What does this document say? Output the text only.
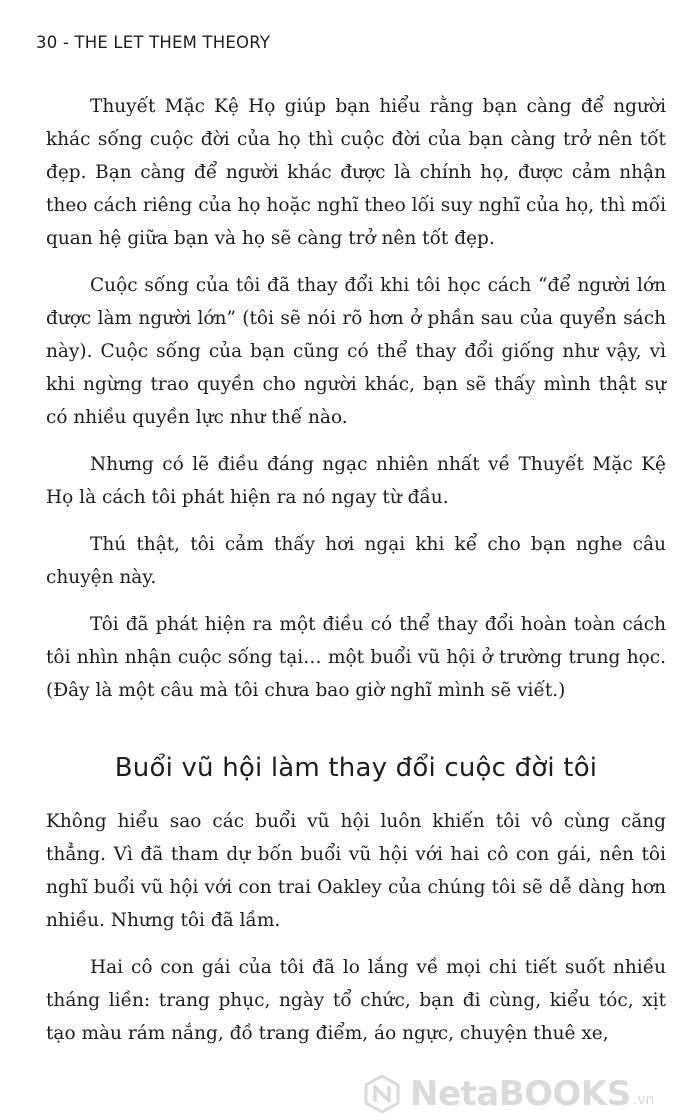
30 - THE LET THEM THEORY

Thuyết Mặc Kệ Họ giúp bạn hiểu rằng bạn càng để người khác sống cuộc đời của họ thì cuộc đời của bạn càng trở nên tốt đẹp. Bạn càng để người khác được là chính họ, được cảm nhận theo cách riêng của họ hoặc nghĩ theo lối suy nghĩ của họ, thì mối quan hệ giữa bạn và họ sẽ càng trở nên tốt đẹp.

Cuộc sống của tôi đã thay đổi khi tôi học cách “để người lớn được làm người lớn” (tôi sẽ nói rõ hơn ở phần sau của quyển sách này). Cuộc sống của bạn cũng có thể thay đổi giống như vậy, vì khi ngừng trao quyền cho người khác, bạn sẽ thấy mình thật sự có nhiều quyền lực như thế nào.

Nhưng có lẽ điều đáng ngạc nhiên nhất về Thuyết Mặc Kệ Họ là cách tôi phát hiện ra nó ngay từ đầu.

Thú thật, tôi cảm thấy hơi ngại khi kể cho bạn nghe câu chuyện này.

Tôi đã phát hiện ra một điều có thể thay đổi hoàn toàn cách tôi nhìn nhận cuộc sống tại… một buổi vũ hội ở trường trung học. (Đây là một câu mà tôi chưa bao giờ nghĩ mình sẽ viết.)

Buổi vũ hội làm thay đổi cuộc đời tôi

Không hiểu sao các buổi vũ hội luôn khiến tôi vô cùng căng thẳng. Vì đã tham dự bốn buổi vũ hội với hai cô con gái, nên tôi nghĩ buổi vũ hội với con trai Oakley của chúng tôi sẽ dễ dàng hơn nhiều. Nhưng tôi đã lầm.

Hai cô con gái của tôi đã lo lắng về mọi chi tiết suốt nhiều tháng liền: trang phục, ngày tổ chức, bạn đi cùng, kiểu tóc, xịt tạo màu rám nắng, đồ trang điểm, áo ngực, chuyện thuê xe,

NetaBOOKS .vn
